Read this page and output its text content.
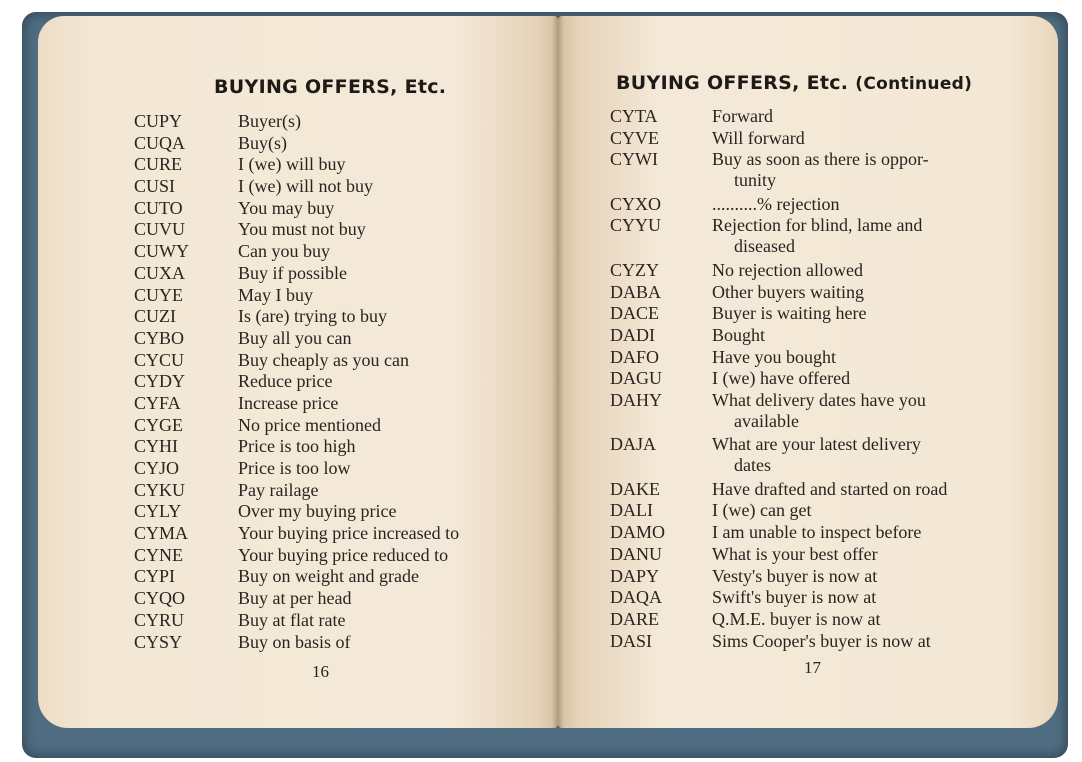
BUYING OFFERS, Etc.
CUPY	Buyer(s)
CUQA	Buy(s)
CURE	I (we) will buy
CUSI	I (we) will not buy
CUTO	You may buy
CUVU	You must not buy
CUWY	Can you buy
CUXA	Buy if possible
CUYE	May I buy
CUZI	Is (are) trying to buy
CYBO	Buy all you can
CYCU	Buy cheaply as you can
CYDY	Reduce price
CYFA	Increase price
CYGE	No price mentioned
CYHI	Price is too high
CYJO	Price is too low
CYKU	Pay railage
CYLY	Over my buying price
CYMA	Your buying price increased to
CYNE	Your buying price reduced to
CYPI	Buy on weight and grade
CYQO	Buy at per head
CYRU	Buy at flat rate
CYSY	Buy on basis of
16
BUYING OFFERS, Etc. (Continued)
CYTA	Forward
CYVE	Will forward
CYWI	Buy as soon as there is oppor-
tunity
CYXO	..........% rejection
CYYU	Rejection for blind, lame and
diseased
CYZY	No rejection allowed
DABA	Other buyers waiting
DACE	Buyer is waiting here
DADI	Bought
DAFO	Have you bought
DAGU	I (we) have offered
DAHY	What delivery dates have you
available
DAJA	What are your latest delivery
dates
DAKE	Have drafted and started on road
DALI	I (we) can get
DAMO	I am unable to inspect before
DANU	What is your best offer
DAPY	Vesty's buyer is now at
DAQA	Swift's buyer is now at
DARE	Q.M.E. buyer is now at
DASI	Sims Cooper's buyer is now at
17
